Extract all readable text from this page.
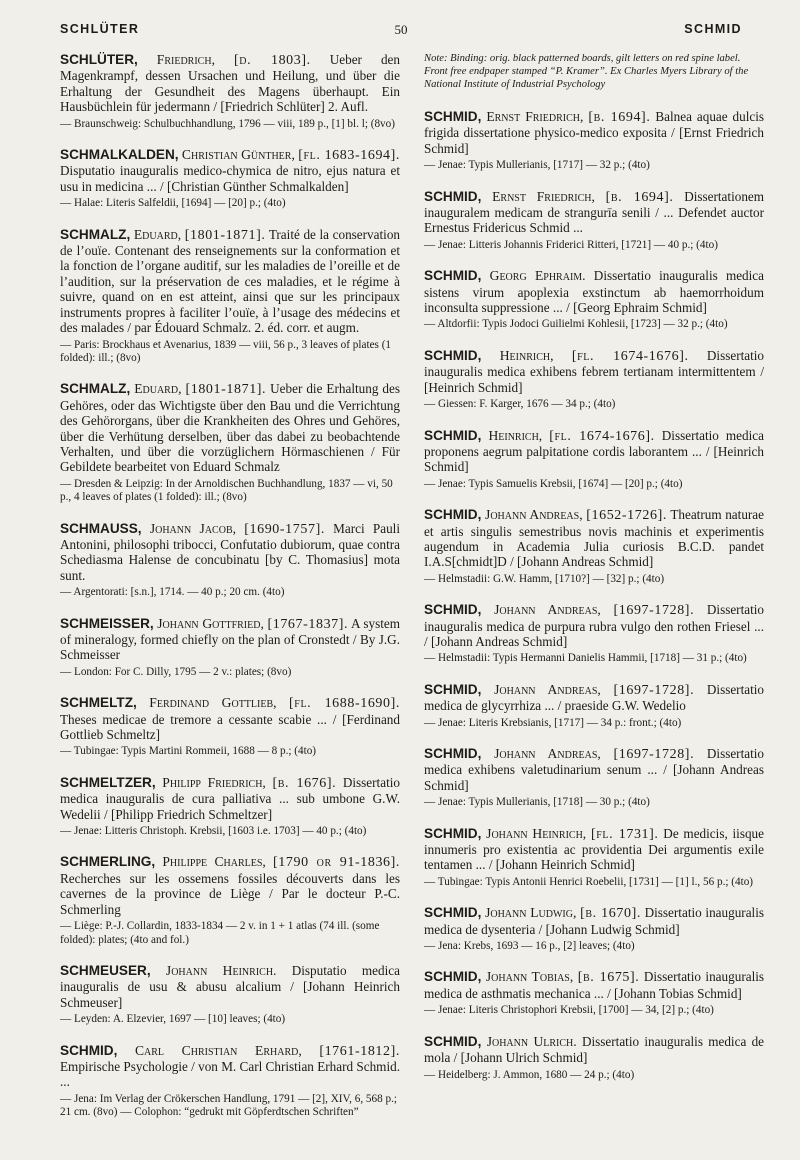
SCHLÜTER	50	SCHMID

SCHLÜTER, Friedrich, [d. 1803]. Ueber den Magenkrampf, dessen Ursachen und Heilung, und über die Erhaltung der Gesundheit des Magens überhaupt. Ein Hausbüchlein für jedermann / [Friedrich Schlüter] 2. Aufl.

— Braunschweig: Schulbuchhandlung, 1796 — viii, 189 p., [1] bl. l; (8vo)

SCHMALKALDEN, Christian Günther, [fl. 1683-1694]. Disputatio inauguralis medico-chymica de nitro, ejus natura et usu in medicina ... / [Christian Günther Schmalkalden]

— Halae: Literis Salfeldii, [1694] — [20] p.; (4to)

SCHMALZ, Eduard, [1801-1871]. Traité de la conservation de l’ouïe. Contenant des renseignements sur la conformation et la fonction de l’organe auditif, sur les maladies de l’oreille et de l’audition, sur la préservation de ces maladies, et le régime à suivre, quand on en est atteint, ainsi que sur les principaux instruments propres à faciliter l’ouïe, à l’usage des médecins et des malades / par Édouard Schmalz. 2. éd. corr. et augm.

— Paris: Brockhaus et Avenarius, 1839 — viii, 56 p., 3 leaves of plates (1 folded): ill.; (8vo)

SCHMALZ, Eduard, [1801-1871]. Ueber die Erhaltung des Gehöres, oder das Wichtigste über den Bau und die Verrichtung des Gehörorgans, über die Krankheiten des Ohres und Gehöres, über die Verhütung derselben, über das dabei zu beobachtende Verhalten, und über die vorzüglichern Hörmaschienen / Für Gebildete bearbeitet von Eduard Schmalz

— Dresden & Leipzig: In der Arnoldischen Buchhandlung, 1837 — vi, 50 p., 4 leaves of plates (1 folded): ill.; (8vo)

SCHMAUSS, Johann Jacob, [1690-1757]. Marci Pauli Antonini, philosophi tribocci, Confutatio dubiorum, quae contra Schediasma Halense de concubinatu [by C. Thomasius] mota sunt.

— Argentorati: [s.n.], 1714. — 40 p.; 20 cm. (4to)

SCHMEISSER, Johann Gottfried, [1767-1837]. A system of mineralogy, formed chiefly on the plan of Cronstedt / By J.G. Schmeisser

— London: For C. Dilly, 1795 — 2 v.: plates; (8vo)

SCHMELTZ, Ferdinand Gottlieb, [fl. 1688-1690]. Theses medicae de tremore a cessante scabie ... / [Ferdinand Gottlieb Schmeltz]

— Tubingae: Typis Martini Rommeii, 1688 — 8 p.; (4to)

SCHMELTZER, Philipp Friedrich, [b. 1676]. Dissertatio medica inauguralis de cura palliativa ... sub umbone G.W. Wedelii / [Philipp Friedrich Schmeltzer]

— Jenae: Litteris Christoph. Krebsii, [1603 i.e. 1703] — 40 p.; (4to)

SCHMERLING, Philippe Charles, [1790 or 91-1836]. Recherches sur les ossemens fossiles découverts dans les cavernes de la province de Liège / Par le docteur P.-C. Schmerling

— Liège: P.-J. Collardin, 1833-1834 — 2 v. in 1 + 1 atlas (74 ill. (some folded): plates; (4to and fol.)

SCHMEUSER, Johann Heinrich. Disputatio medica inauguralis de usu & abusu alcalium / [Johann Heinrich Schmeuser]

— Leyden: A. Elzevier, 1697 — [10] leaves; (4to)

SCHMID, Carl Christian Erhard, [1761-1812]. Empirische Psychologie / von M. Carl Christian Erhard Schmid. ...

— Jena: Im Verlag der Crökerschen Handlung, 1791 — [2], XIV, 6, 568 p.; 21 cm. (8vo) — Colophon: “gedrukt mit Göpferdtschen Schriften”

Note: Binding: orig. black patterned boards, gilt letters on red spine label. Front free endpaper stamped “P. Kramer”. Ex Charles Myers Library of the National Institute of Industrial Psychology

SCHMID, Ernst Friedrich, [b. 1694]. Balnea aquae dulcis frigida dissertatione physico-medico exposita / [Ernst Friedrich Schmid]

— Jenae: Typis Mullerianis, [1717] — 32 p.; (4to)

SCHMID, Ernst Friedrich, [b. 1694]. Dissertationem inauguralem medicam de strangurīa senili / ... Defendet auctor Ernestus Fridericus Schmid ...

— Jenae: Litteris Johannis Friderici Ritteri, [1721] — 40 p.; (4to)

SCHMID, Georg Ephraim. Dissertatio inauguralis medica sistens virum apoplexia exstinctum ab haemorrhoidum inconsulta suppressione ... / [Georg Ephraim Schmid]

— Altdorfii: Typis Jodoci Guilielmi Kohlesii, [1723] — 32 p.; (4to)

SCHMID, Heinrich, [fl. 1674-1676]. Dissertatio inauguralis medica exhibens febrem tertianam intermittentem / [Heinrich Schmid]

— Giessen: F. Karger, 1676 — 34 p.; (4to)

SCHMID, Heinrich, [fl. 1674-1676]. Dissertatio medica proponens aegrum palpitatione cordis laborantem ... / [Heinrich Schmid]

— Jenae: Typis Samuelis Krebsii, [1674] — [20] p.; (4to)

SCHMID, Johann Andreas, [1652-1726]. Theatrum naturae et artis singulis semestribus novis machinis et experimentis augendum in Academia Julia curiosis B.C.D. pandet I.A.S[chmidt]D / [Johann Andreas Schmid]

— Helmstadii: G.W. Hamm, [1710?] — [32] p.; (4to)

SCHMID, Johann Andreas, [1697-1728]. Dissertatio inauguralis medica de purpura rubra vulgo den rothen Friesel ... / [Johann Andreas Schmid]

— Helmstadii: Typis Hermanni Danielis Hammii, [1718] — 31 p.; (4to)

SCHMID, Johann Andreas, [1697-1728]. Dissertatio medica de glycyrrhiza ... / praeside G.W. Wedelio

— Jenae: Literis Krebsianis, [1717] — 34 p.: front.; (4to)

SCHMID, Johann Andreas, [1697-1728]. Dissertatio medica exhibens valetudinarium senum ... / [Johann Andreas Schmid]

— Jenae: Typis Mullerianis, [1718] — 30 p.; (4to)

SCHMID, Johann Heinrich, [fl. 1731]. De medicis, iisque innumeris pro existentia ac providentia Dei argumentis exile tentamen ... / [Johann Heinrich Schmid]

— Tubingae: Typis Antonii Henrici Roebelii, [1731] — [1] l., 56 p.; (4to)

SCHMID, Johann Ludwig, [b. 1670]. Dissertatio inauguralis medica de dysenteria / [Johann Ludwig Schmid]

— Jena: Krebs, 1693 — 16 p., [2] leaves; (4to)

SCHMID, Johann Tobias, [b. 1675]. Dissertatio inauguralis medica de asthmatis mechanica ... / [Johann Tobias Schmid]

— Jenae: Literis Christophori Krebsii, [1700] — 34, [2] p.; (4to)

SCHMID, Johann Ulrich. Dissertatio inauguralis medica de mola / [Johann Ulrich Schmid]

— Heidelberg: J. Ammon, 1680 — 24 p.; (4to)
